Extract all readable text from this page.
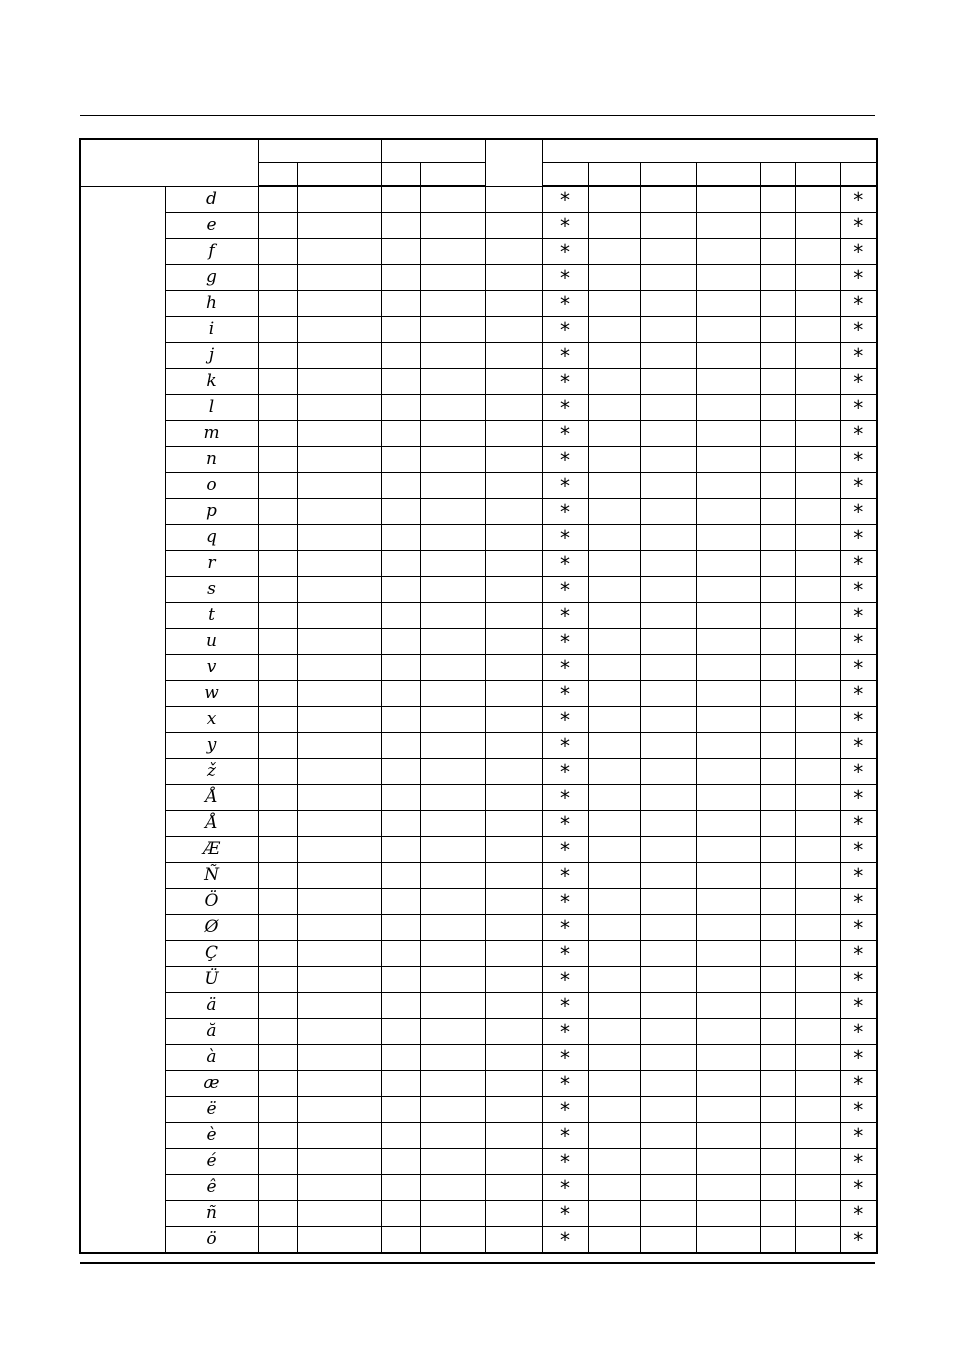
	d						*						*
	e						*						*
	f						*						*
	g						*						*
	h						*						*
	i						*						*
	j						*						*
	k						*						*
	l						*						*
	m						*						*
	n						*						*
	o						*						*
	p						*						*
	q						*						*
	r						*						*
	s						*						*
	t						*						*
	u						*						*
	v						*						*
	w						*						*
	x						*						*
	y						*						*
	ž						*						*
	Å						*						*
	Å						*						*
	Æ						*						*
	Ñ						*						*
	Ö						*						*
	Ø						*						*
	Ç						*						*
	Ü						*						*
	ä						*						*
	ă						*						*
	à						*						*
	æ						*						*
	ë						*						*
	è						*						*
	é						*						*
	ê						*						*
	ñ						*						*
	ö						*						*
